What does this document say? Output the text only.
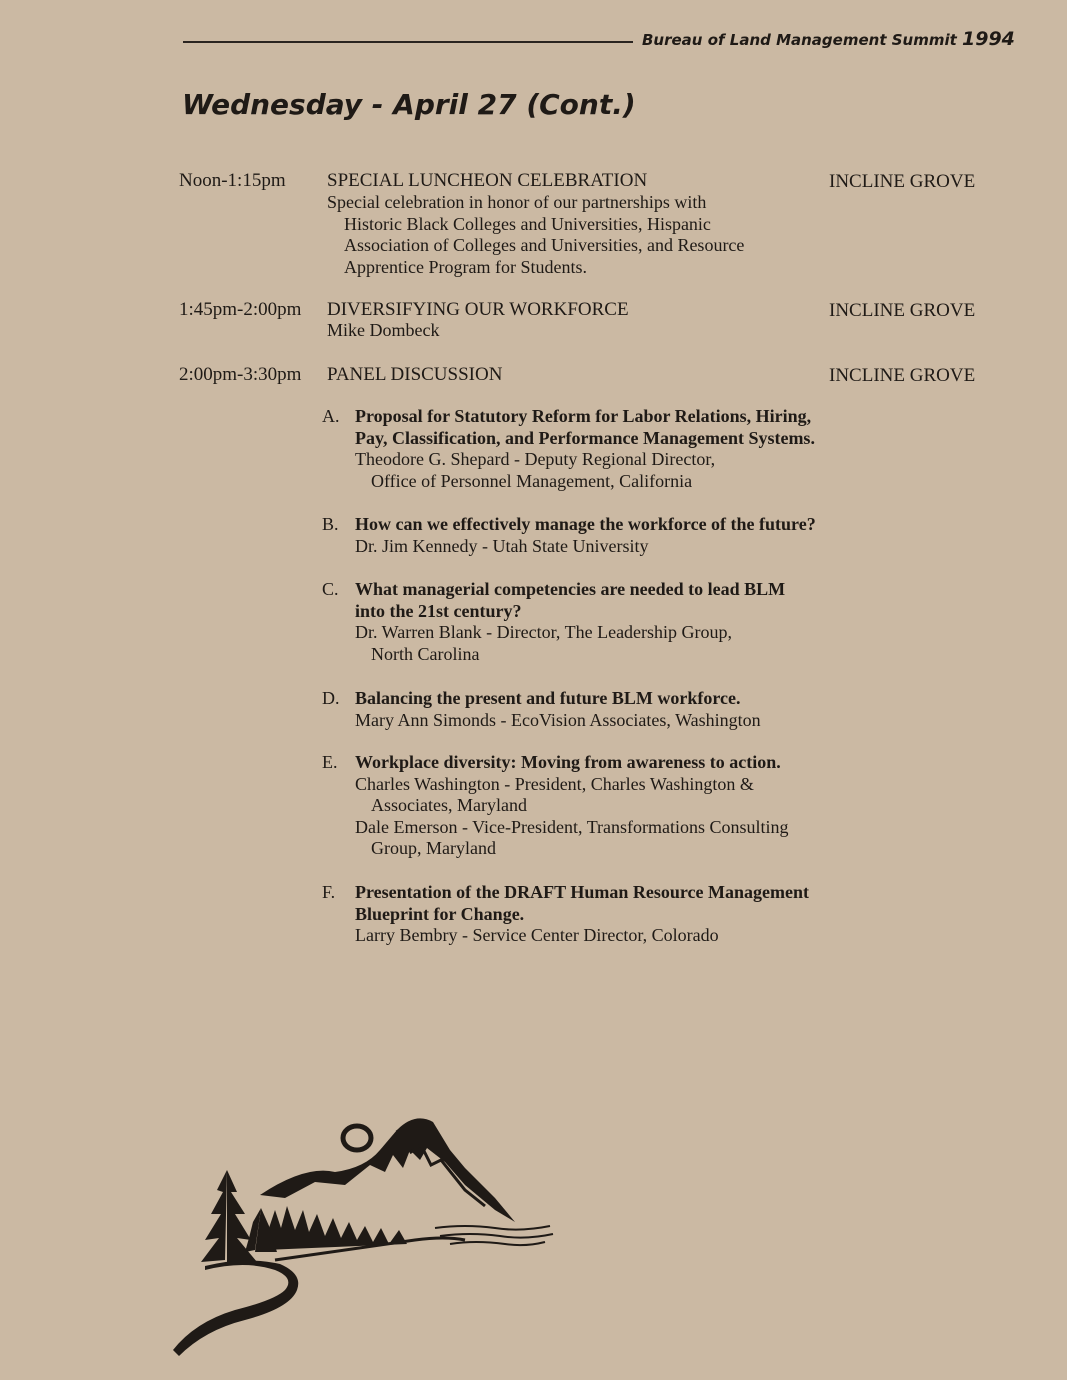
Bureau of Land Management Summit 1994
Wednesday - April 27 (Cont.)
Noon-1:15pm SPECIAL LUNCHEON CELEBRATION	INCLINE GROVE
Special celebration in honor of our partnerships with
Historic Black Colleges and Universities, Hispanic
Association of Colleges and Universities, and Resource
Apprentice Program for Students.
1:45pm-2:00pm DIVERSIFYING OUR WORKFORCE	INCLINE GROVE
Mike Dombeck
2:00pm-3:30pm PANEL DISCUSSION	INCLINE GROVE
A. Proposal for Statutory Reform for Labor Relations, Hiring,
Pay, Classification, and Performance Management Systems.
Theodore G. Shepard - Deputy Regional Director,
Office of Personnel Management, California
B. How can we effectively manage the workforce of the future?
Dr. Jim Kennedy - Utah State University
C. What managerial competencies are needed to lead BLM
into the 21st century?
Dr. Warren Blank - Director, The Leadership Group,
North Carolina
D. Balancing the present and future BLM workforce.
Mary Ann Simonds - EcoVision Associates, Washington
E. Workplace diversity: Moving from awareness to action.
Charles Washington - President, Charles Washington &
Associates, Maryland
Dale Emerson - Vice-President, Transformations Consulting
Group, Maryland
F. Presentation of the DRAFT Human Resource Management
Blueprint for Change.
Larry Bembry - Service Center Director, Colorado
